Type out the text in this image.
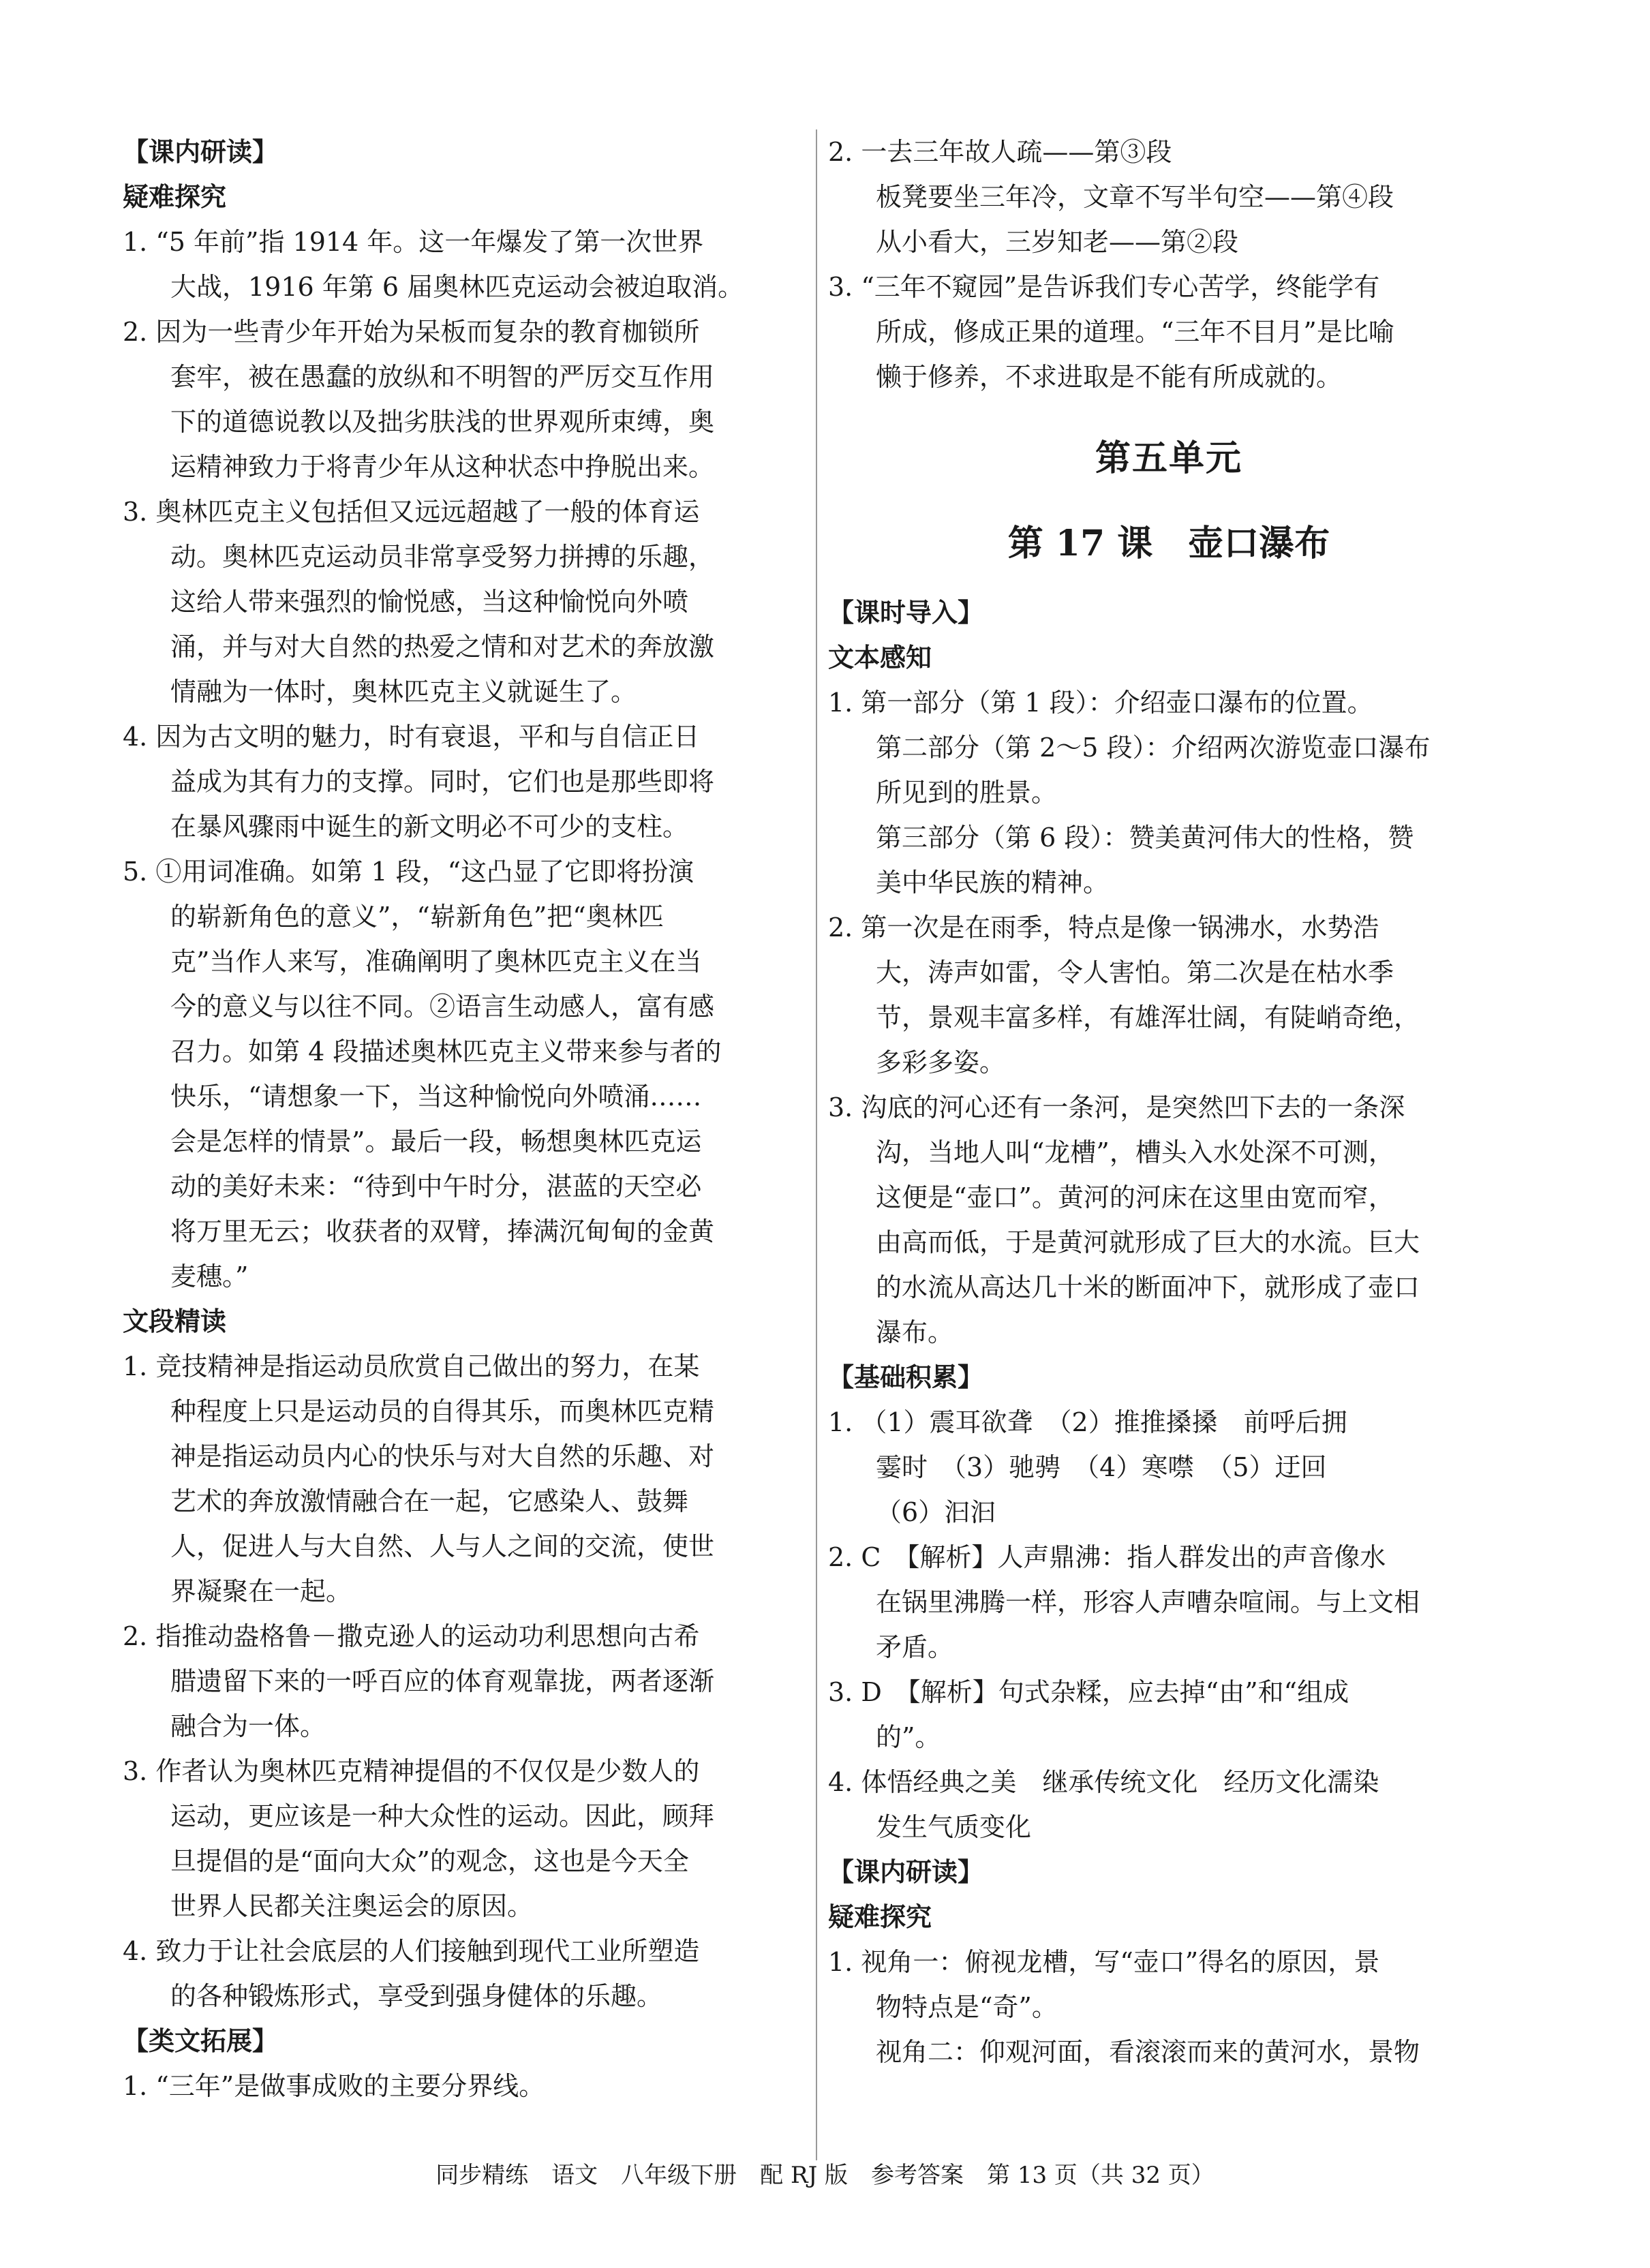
【课内研读】
疑难探究
1. “5 年前”指 1914 年。这一年爆发了第一次世界
大战，1916 年第 6 届奥林匹克运动会被迫取消。
2. 因为一些青少年开始为呆板而复杂的教育枷锁所
套牢，被在愚蠢的放纵和不明智的严厉交互作用
下的道德说教以及拙劣肤浅的世界观所束缚，奥
运精神致力于将青少年从这种状态中挣脱出来。
3. 奥林匹克主义包括但又远远超越了一般的体育运
动。奥林匹克运动员非常享受努力拼搏的乐趣，
这给人带来强烈的愉悦感，当这种愉悦向外喷
涌，并与对大自然的热爱之情和对艺术的奔放激
情融为一体时，奥林匹克主义就诞生了。
4. 因为古文明的魅力，时有衰退，平和与自信正日
益成为其有力的支撑。同时，它们也是那些即将
在暴风骤雨中诞生的新文明必不可少的支柱。
5. ①用词准确。如第 1 段，“这凸显了它即将扮演
的崭新角色的意义”，“崭新角色”把“奥林匹
克”当作人来写，准确阐明了奥林匹克主义在当
今的意义与以往不同。②语言生动感人，富有感
召力。如第 4 段描述奥林匹克主义带来参与者的
快乐，“请想象一下，当这种愉悦向外喷涌……
会是怎样的情景”。最后一段，畅想奥林匹克运
动的美好未来：“待到中午时分，湛蓝的天空必
将万里无云；收获者的双臂，捧满沉甸甸的金黄
麦穗。”
文段精读
1. 竞技精神是指运动员欣赏自己做出的努力，在某
种程度上只是运动员的自得其乐，而奥林匹克精
神是指运动员内心的快乐与对大自然的乐趣、对
艺术的奔放激情融合在一起，它感染人、鼓舞
人，促进人与大自然、人与人之间的交流，使世
界凝聚在一起。
2. 指推动盎格鲁－撒克逊人的运动功利思想向古希
腊遗留下来的一呼百应的体育观靠拢，两者逐渐
融合为一体。
3. 作者认为奥林匹克精神提倡的不仅仅是少数人的
运动，更应该是一种大众性的运动。因此，顾拜
旦提倡的是“面向大众”的观念，这也是今天全
世界人民都关注奥运会的原因。
4. 致力于让社会底层的人们接触到现代工业所塑造
的各种锻炼形式，享受到强身健体的乐趣。
【类文拓展】
1. “三年”是做事成败的主要分界线。
2. 一去三年故人疏——第③段
板凳要坐三年冷，文章不写半句空——第④段
从小看大，三岁知老——第②段
3. “三年不窥园”是告诉我们专心苦学，终能学有
所成，修成正果的道理。“三年不目月”是比喻
懒于修养，不求进取是不能有所成就的。
第五单元
第 17 课　壶口瀑布
【课时导入】
文本感知
1. 第一部分（第 1 段）：介绍壶口瀑布的位置。
第二部分（第 2～5 段）：介绍两次游览壶口瀑布
所见到的胜景。
第三部分（第 6 段）：赞美黄河伟大的性格，赞
美中华民族的精神。
2. 第一次是在雨季，特点是像一锅沸水，水势浩
大，涛声如雷，令人害怕。第二次是在枯水季
节，景观丰富多样，有雄浑壮阔，有陡峭奇绝，
多彩多姿。
3. 沟底的河心还有一条河，是突然凹下去的一条深
沟，当地人叫“龙槽”，槽头入水处深不可测，
这便是“壶口”。黄河的河床在这里由宽而窄，
由高而低，于是黄河就形成了巨大的水流。巨大
的水流从高达几十米的断面冲下，就形成了壶口
瀑布。
【基础积累】
1. （1）震耳欲聋　（2）推推搡搡　前呼后拥
霎时　（3）驰骋　（4）寒噤　（5）迂回
（6）汩汩
2. C　【解析】人声鼎沸：指人群发出的声音像水
在锅里沸腾一样，形容人声嘈杂喧闹。与上文相
矛盾。
3. D　【解析】句式杂糅，应去掉“由”和“组成
的”。
4. 体悟经典之美　继承传统文化　经历文化濡染
发生气质变化
【课内研读】
疑难探究
1. 视角一：俯视龙槽，写“壶口”得名的原因，景
物特点是“奇”。
视角二：仰观河面，看滚滚而来的黄河水，景物
同步精练　语文　八年级下册　配 RJ 版　参考答案　第 13 页（共 32 页）
